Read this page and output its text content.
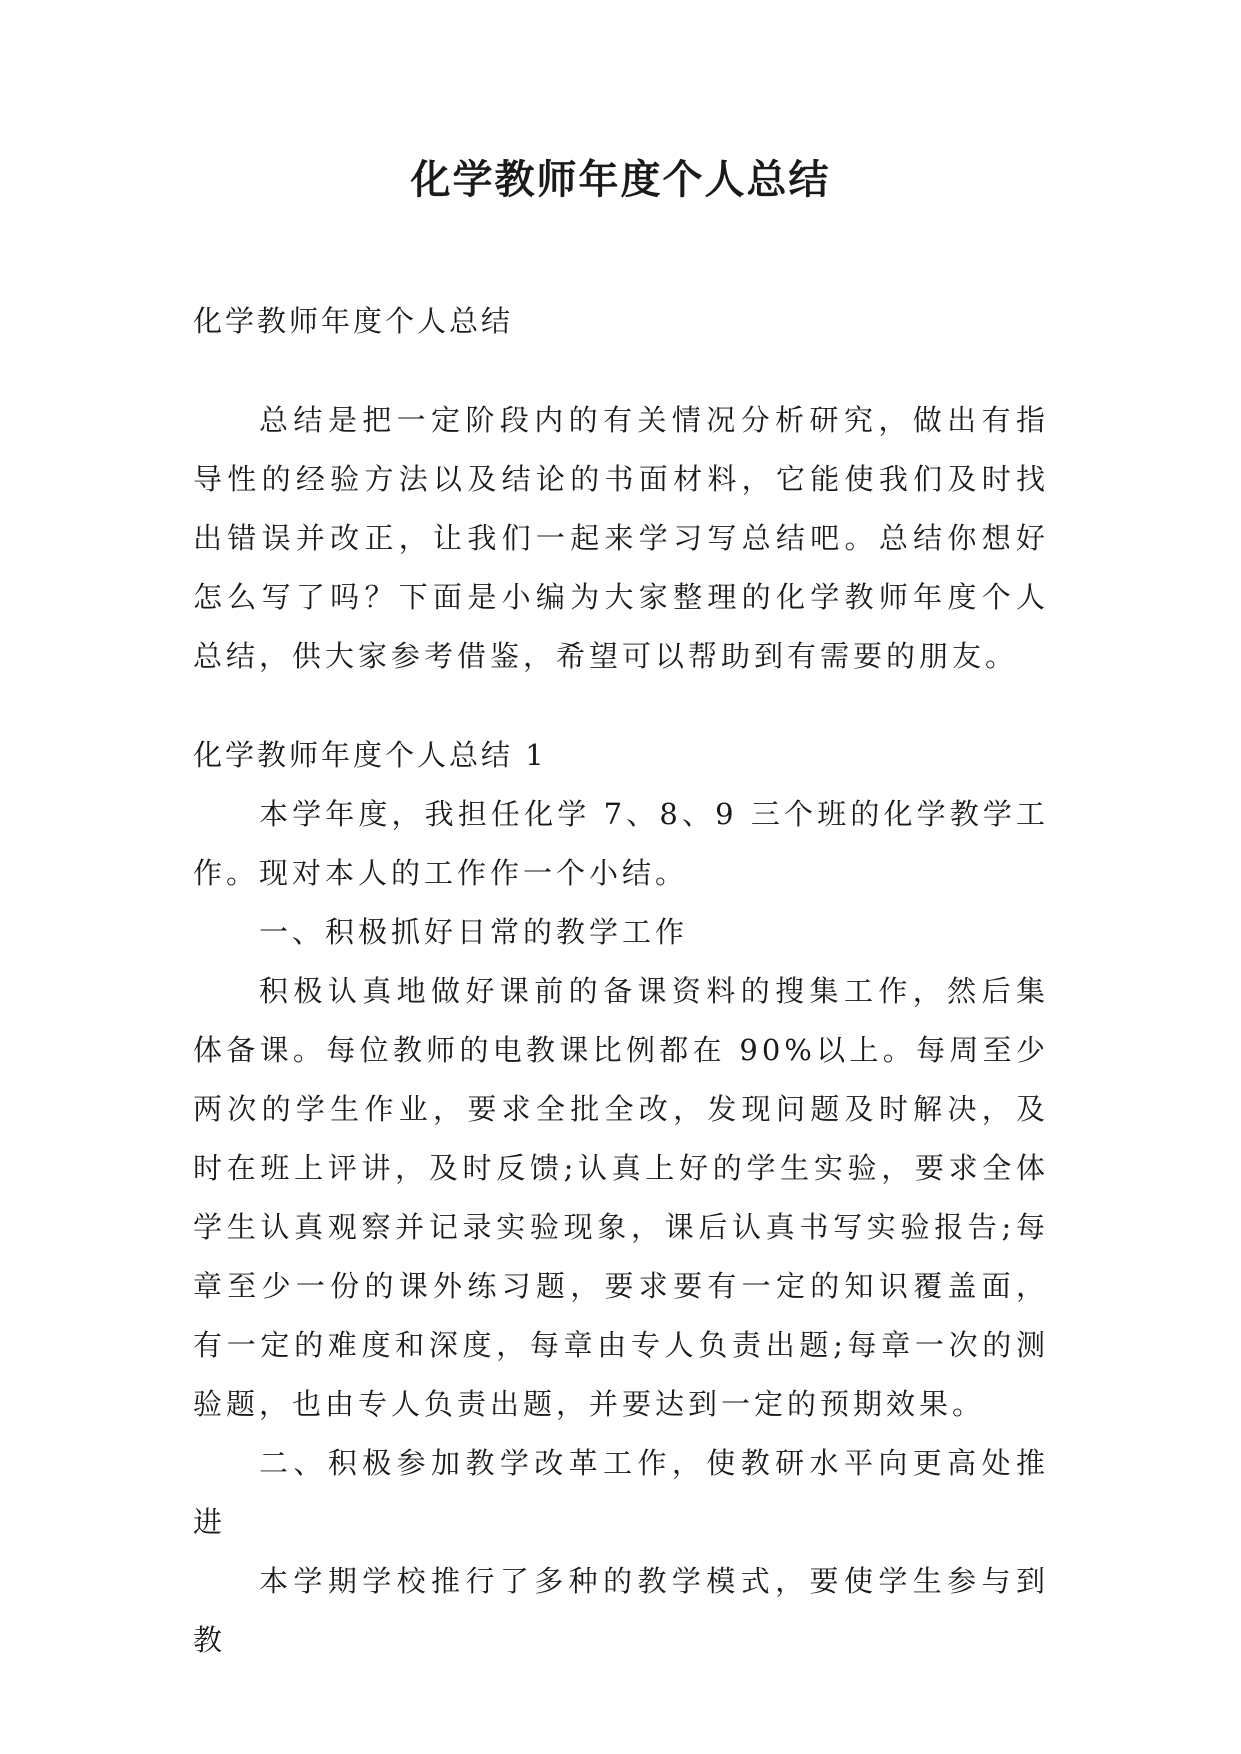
化学教师年度个人总结

化学教师年度个人总结

总结是把一定阶段内的有关情况分析研究，做出有指导性的经验方法以及结论的书面材料，它能使我们及时找出错误并改正，让我们一起来学习写总结吧。总结你想好怎么写了吗？下面是小编为大家整理的化学教师年度个人总结，供大家参考借鉴，希望可以帮助到有需要的朋友。

化学教师年度个人总结 1

本学年度，我担任化学 7、8、9 三个班的化学教学工作。现对本人的工作作一个小结。

一、积极抓好日常的教学工作

积极认真地做好课前的备课资料的搜集工作，然后集体备课。每位教师的电教课比例都在 90%以上。每周至少两次的学生作业，要求全批全改，发现问题及时解决，及时在班上评讲，及时反馈;认真上好的学生实验，要求全体学生认真观察并记录实验现象，课后认真书写实验报告;每章至少一份的课外练习题，要求要有一定的知识覆盖面，有一定的难度和深度，每章由专人负责出题;每章一次的测验题，也由专人负责出题，并要达到一定的预期效果。

二、积极参加教学改革工作，使教研水平向更高处推进

本学期学校推行了多种的教学模式，要使学生参与到教
